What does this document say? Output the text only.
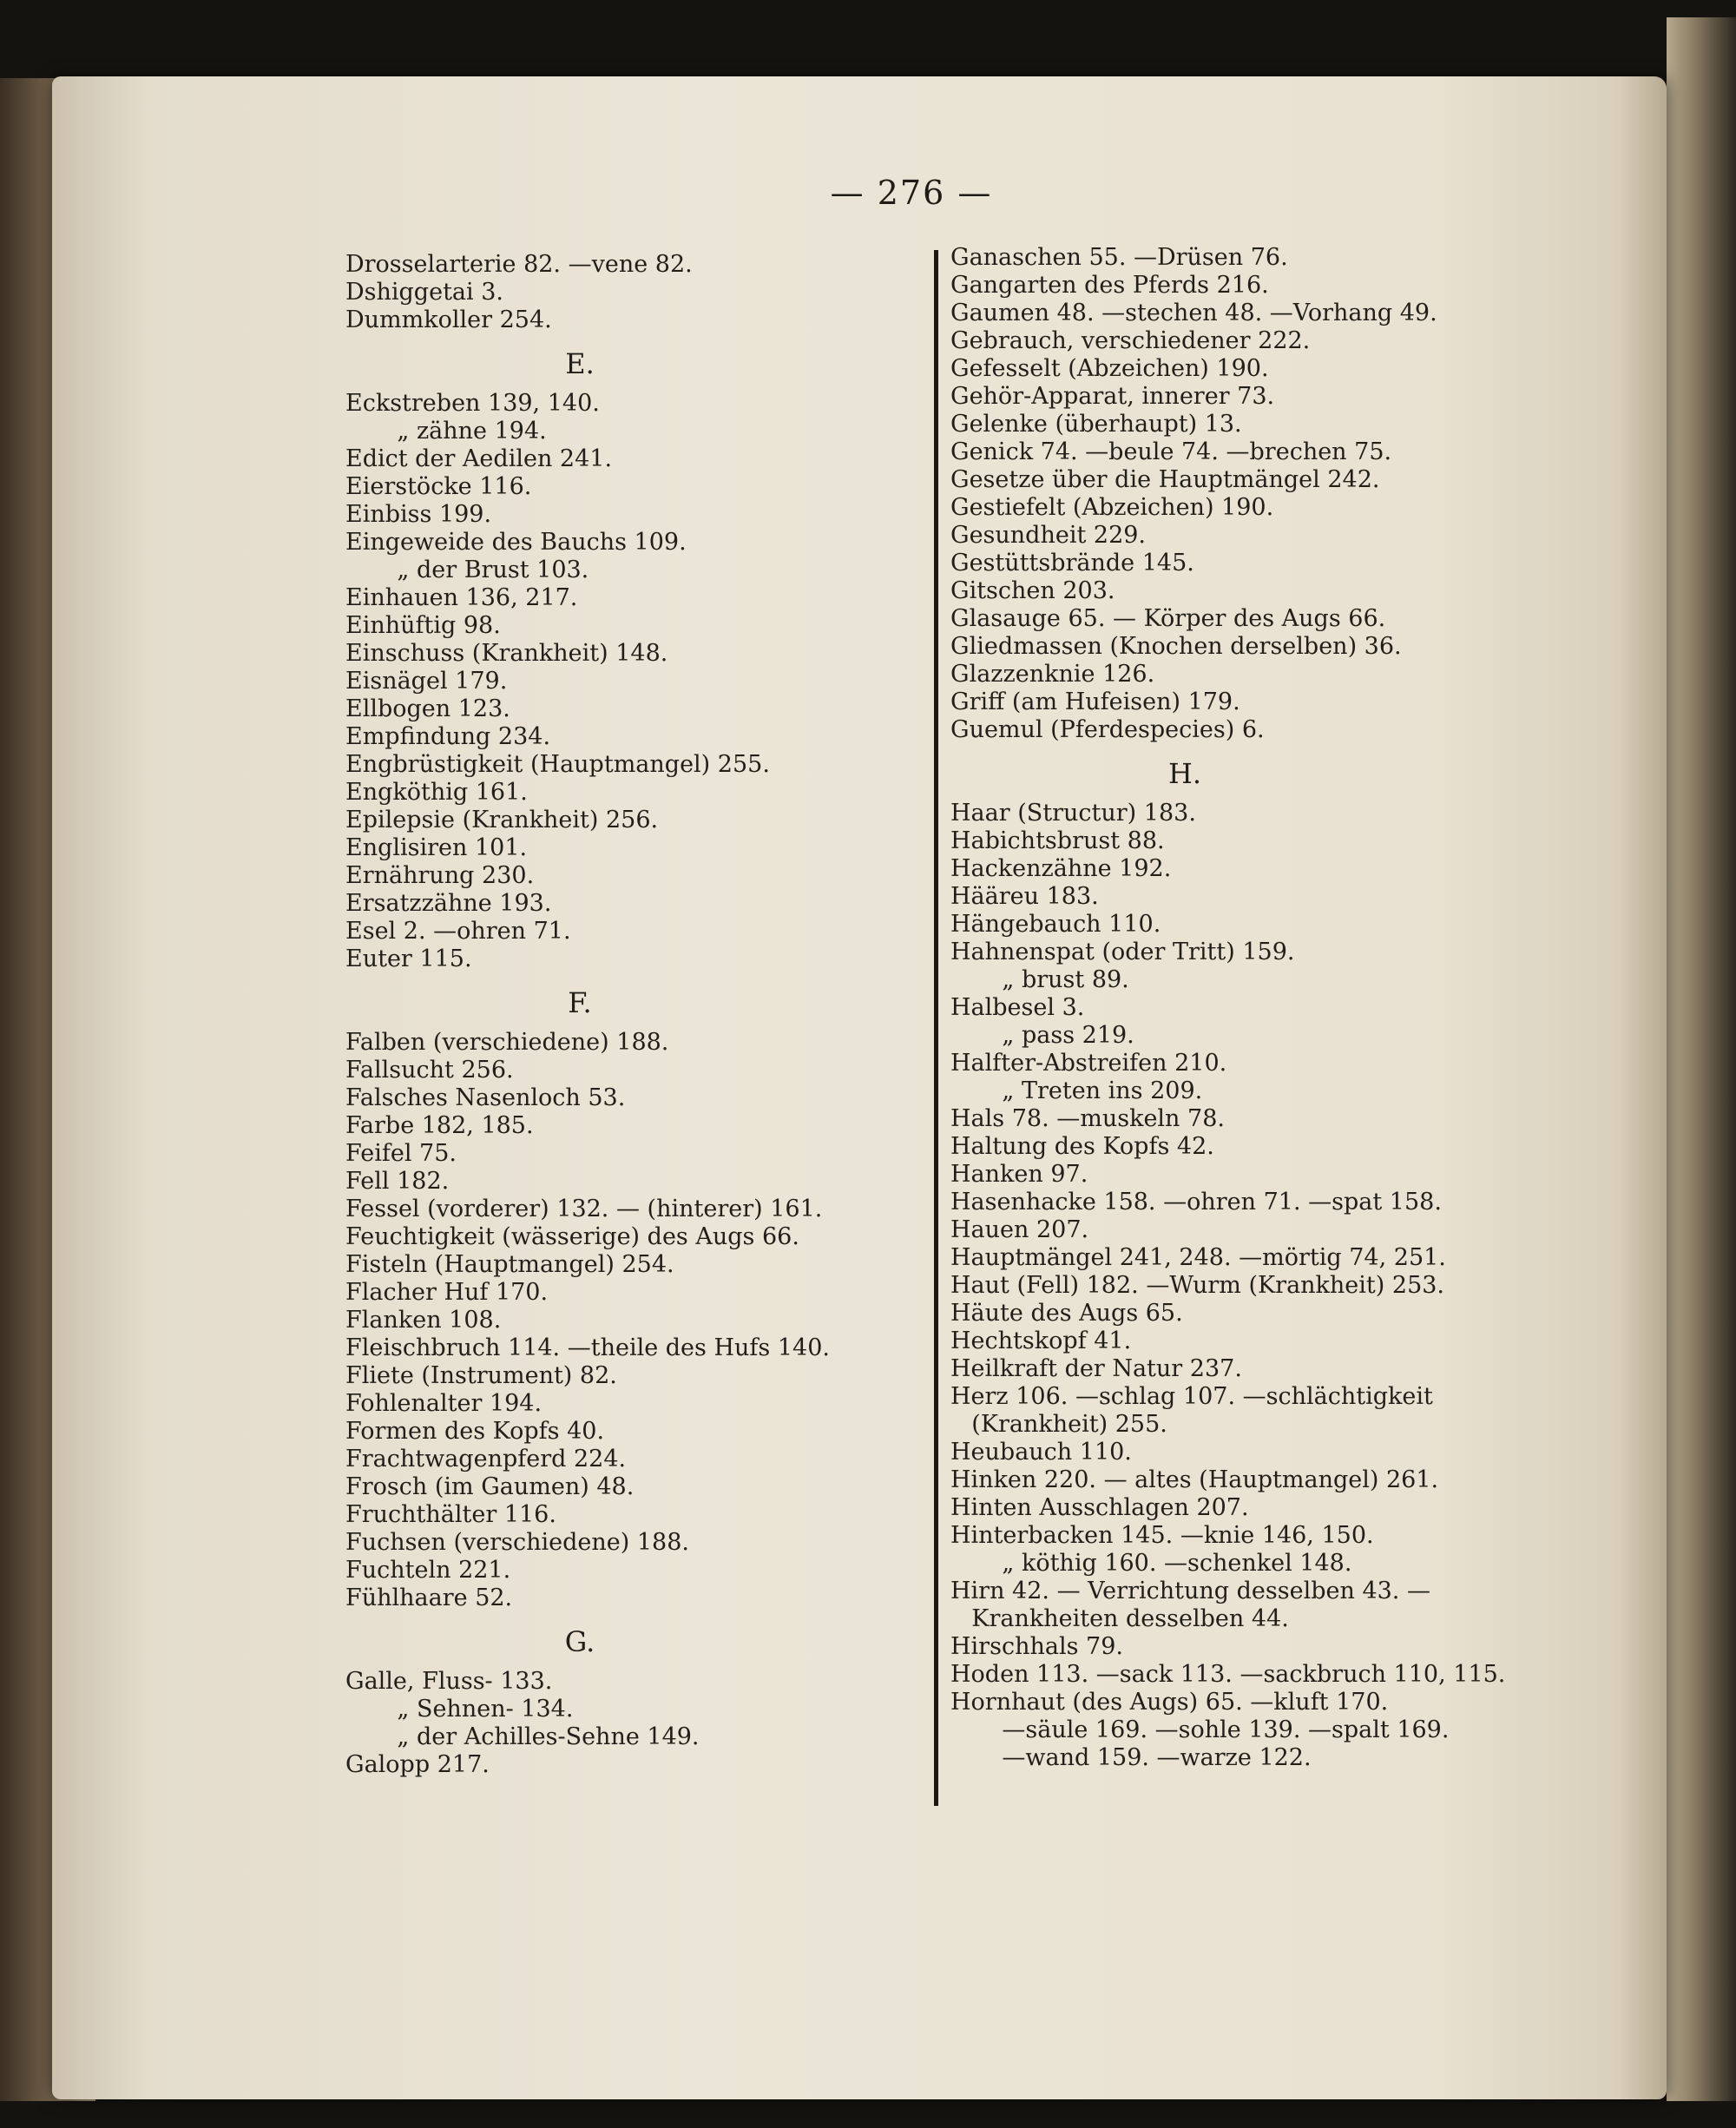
— 276 —
Drosselarterie 82. —vene 82.
Dshiggetai 3.
Dummkoller 254.
E.
Eckstreben 139, 140.
„ zähne 194.
Edict der Aedilen 241.
Eierstöcke 116.
Einbiss 199.
Eingeweide des Bauchs 109.
„ der Brust 103.
Einhauen 136, 217.
Einhüftig 98.
Einschuss (Krankheit) 148.
Eisnägel 179.
Ellbogen 123.
Empfindung 234.
Engbrüstigkeit (Hauptmangel) 255.
Engköthig 161.
Epilepsie (Krankheit) 256.
Englisiren 101.
Ernährung 230.
Ersatzzähne 193.
Esel 2. —ohren 71.
Euter 115.
F.
Falben (verschiedene) 188.
Fallsucht 256.
Falsches Nasenloch 53.
Farbe 182, 185.
Feifel 75.
Fell 182.
Fessel (vorderer) 132. — (hinterer) 161.
Feuchtigkeit (wässerige) des Augs 66.
Fisteln (Hauptmangel) 254.
Flacher Huf 170.
Flanken 108.
Fleischbruch 114. —theile des Hufs 140.
Fliete (Instrument) 82.
Fohlenalter 194.
Formen des Kopfs 40.
Frachtwagenpferd 224.
Frosch (im Gaumen) 48.
Fruchthälter 116.
Fuchsen (verschiedene) 188.
Fuchteln 221.
Fühlhaare 52.
G.
Galle, Fluss- 133.
„ Sehnen- 134.
„ der Achilles-Sehne 149.
Galopp 217.
Ganaschen 55. —Drüsen 76.
Gangarten des Pferds 216.
Gaumen 48. —stechen 48. —Vorhang 49.
Gebrauch, verschiedener 222.
Gefesselt (Abzeichen) 190.
Gehör-Apparat, innerer 73.
Gelenke (überhaupt) 13.
Genick 74. —beule 74. —brechen 75.
Gesetze über die Hauptmängel 242.
Gestiefelt (Abzeichen) 190.
Gesundheit 229.
Gestüttsbrände 145.
Gitschen 203.
Glasauge 65. — Körper des Augs 66.
Gliedmassen (Knochen derselben) 36.
Glazzenknie 126.
Griff (am Hufeisen) 179.
Guemul (Pferdespecies) 6.
H.
Haar (Structur) 183.
Habichtsbrust 88.
Hackenzähne 192.
Hääreu 183.
Hängebauch 110.
Hahnenspat (oder Tritt) 159.
„ brust 89.
Halbesel 3.
„ pass 219.
Halfter-Abstreifen 210.
„ Treten ins 209.
Hals 78. —muskeln 78.
Haltung des Kopfs 42.
Hanken 97.
Hasenhacke 158. —ohren 71. —spat 158.
Hauen 207.
Hauptmängel 241, 248. —mörtig 74, 251.
Haut (Fell) 182. —Wurm (Krankheit) 253.
Häute des Augs 65.
Hechtskopf 41.
Heilkraft der Natur 237.
Herz 106. —schlag 107. —schlächtigkeit
(Krankheit) 255.
Heubauch 110.
Hinken 220. — altes (Hauptmangel) 261.
Hinten Ausschlagen 207.
Hinterbacken 145. —knie 146, 150.
„ köthig 160. —schenkel 148.
Hirn 42. — Verrichtung desselben 43. —
Krankheiten desselben 44.
Hirschhals 79.
Hoden 113. —sack 113. —sackbruch 110, 115.
Hornhaut (des Augs) 65. —kluft 170.
—säule 169. —sohle 139. —spalt 169.
—wand 159. —warze 122.
